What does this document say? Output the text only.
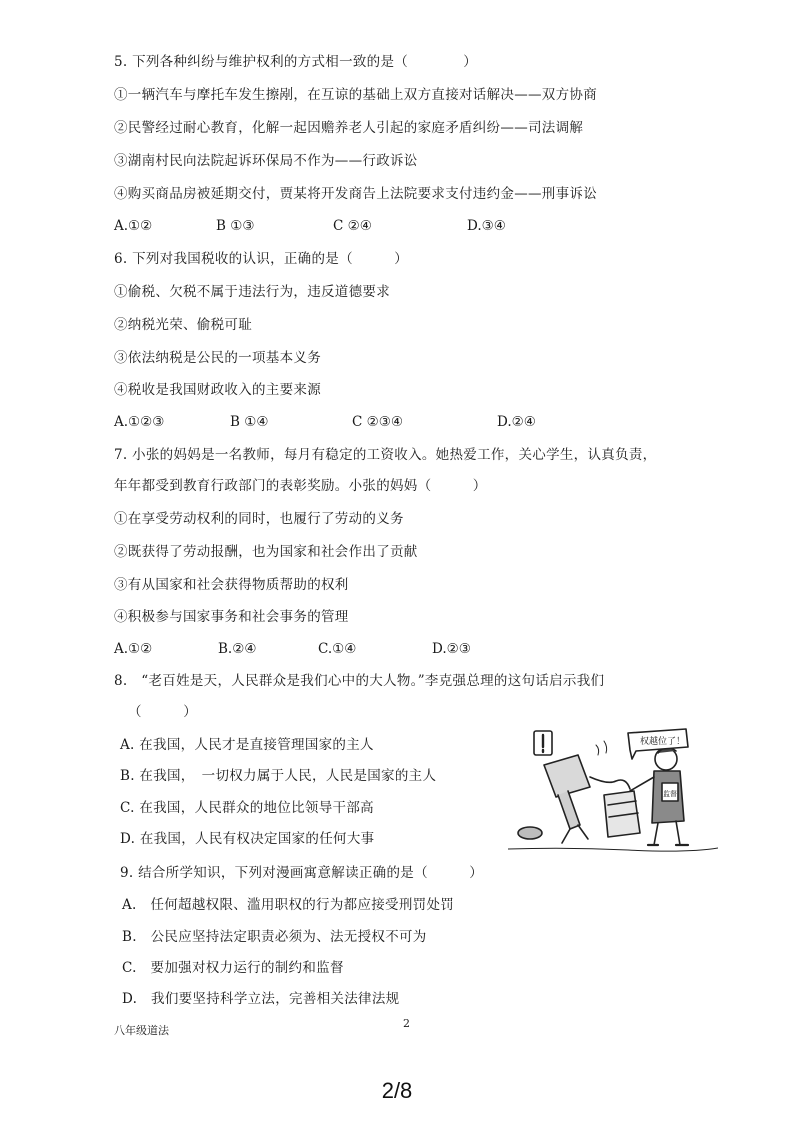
5. 下列各种纠纷与维护权利的方式相一致的是（　　　　）
①一辆汽车与摩托车发生擦剐，在互谅的基础上双方直接对话解决——双方协商
②民警经过耐心教育，化解一起因赡养老人引起的家庭矛盾纠纷——司法调解
③湖南村民向法院起诉环保局不作为——行政诉讼
④购买商品房被延期交付，贾某将开发商告上法院要求支付违约金——刑事诉讼
A.①②	B ①③	C ②④	D.③④
6. 下列对我国税收的认识，正确的是（　　　）
①偷税、欠税不属于违法行为，违反道德要求
②纳税光荣、偷税可耻
③依法纳税是公民的一项基本义务
④税收是我国财政收入的主要来源
A.①②③	B ①④	C ②③④	D.②④
7. 小张的妈妈是一名教师，每月有稳定的工资收入。她热爱工作，关心学生，认真负责，
年年都受到教育行政部门的表彰奖励。小张的妈妈（　　　）
①在享受劳动权利的同时，也履行了劳动的义务
②既获得了劳动报酬，也为国家和社会作出了贡献
③有从国家和社会获得物质帮助的权利
④积极参与国家事务和社会事务的管理
A.①②	B.②④	C.①④	D.②③
8.　“老百姓是天，人民群众是我们心中的大人物。”李克强总理的这句话启示我们
（　　　）
A. 在我国，人民才是直接管理国家的主人
B. 在我国，　一切权力属于人民，人民是国家的主人
C. 在我国，人民群众的地位比领导干部高
D. 在我国，人民有权决定国家的任何大事
权越位了！
监督
9. 结合所学知识，下列对漫画寓意解读正确的是（　　　）
A.　任何超越权限、滥用职权的行为都应接受刑罚处罚
B.　公民应坚持法定职责必须为、法无授权不可为
C.　要加强对权力运行的制约和监督
D.　我们要坚持科学立法，完善相关法律法规
八年级道法
2
2/8
